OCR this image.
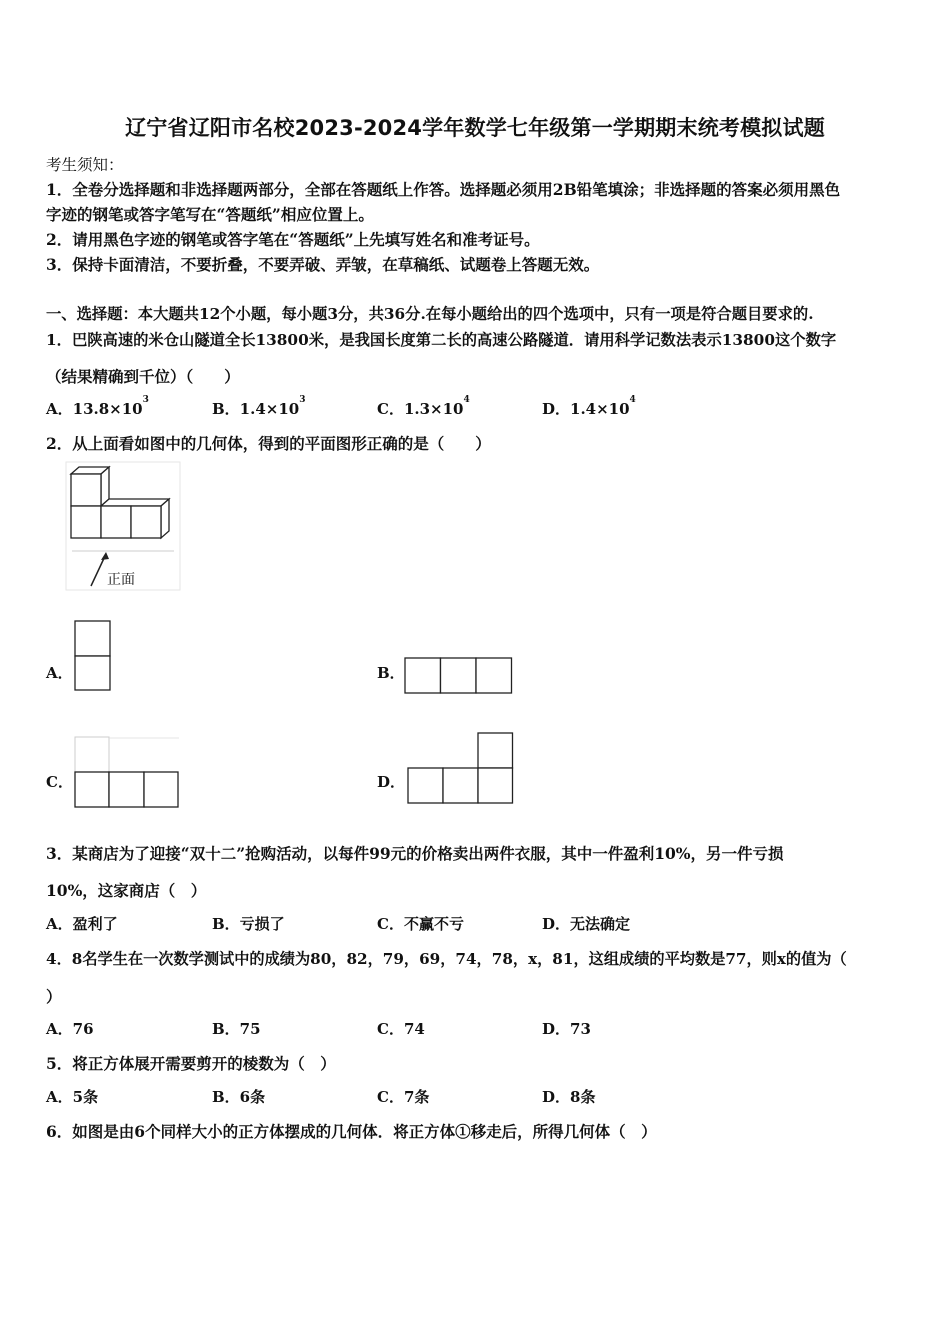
辽宁省辽阳市名校2023-2024学年数学七年级第一学期期末统考模拟试题
考生须知：
1．全卷分选择题和非选择题两部分，全部在答题纸上作答。选择题必须用2B铅笔填涂；非选择题的答案必须用黑色
字迹的钢笔或答字笔写在“答题纸”相应位置上。
2．请用黑色字迹的钢笔或答字笔在“答题纸”上先填写姓名和准考证号。
3．保持卡面清洁，不要折叠，不要弄破、弄皱，在草稿纸、试题卷上答题无效。
一、选择题：本大题共12个小题，每小题3分，共36分.在每小题给出的四个选项中，只有一项是符合题目要求的.
1．巴陕高速的米仓山隧道全长13800米，是我国长度第二长的高速公路隧道．请用科学记数法表示13800这个数字
（结果精确到千位）（　　）
A．$13.8\times 10^3$	B．$1.4\times 10^3$	C．$1.3\times 10^4$	D．$1.4\times 10^4$
2．从上面看如图中的几何体，得到的平面图形正确的是（　　）
正面
A．	B．
C．	D．
3．某商店为了迎接“双十二”抢购活动，以每件99元的价格卖出两件衣服，其中一件盈利10%，另一件亏损
10%，这家商店（　）
A．盈利了	B．亏损了	C．不赢不亏	D．无法确定
4．8名学生在一次数学测试中的成绩为80，82，79，69，74，78，x，81，这组成绩的平均数是77，则x的值为（
）
A．76	B．75	C．74	D．73
5．将正方体展开需要剪开的棱数为（　）
A．5条	B．6条	C．7条	D．8条
6．如图是由6个同样大小的正方体摆成的几何体．将正方体①移走后，所得几何体（　）
